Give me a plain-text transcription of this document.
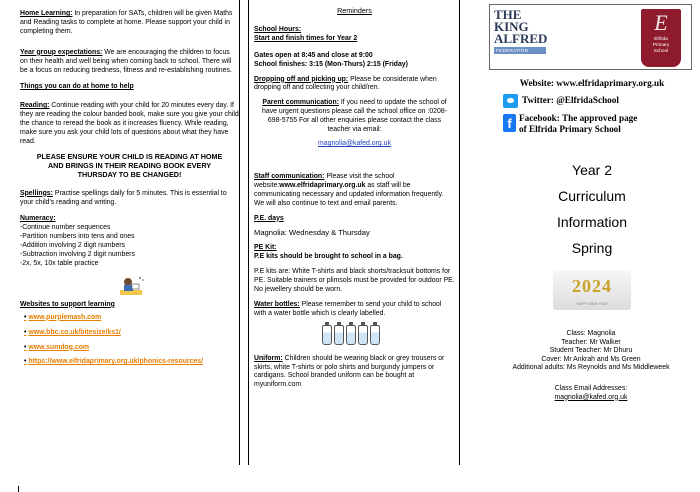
Home Learning: In preparation for SATs, children will be given Maths and Reading tasks to complete at home. Please support your child in completing them.
Year group expectations: We are encouraging the children to focus on their health and well being when coming back to school. There will be a focus on reducing tiredness, fitness and re-establishing routines.
Things you can do at home to help
Reading: Continue reading with your child for 20 minutes every day. If they are reading the colour banded book, make sure you give your child the chance to reread the book as it increases fluency. While reading, make sure you ask your child lots of questions about what they have read.
PLEASE ENSURE YOUR CHILD IS READING AT HOME AND BRINGS IN THEIR READING BOOK EVERY THURSDAY TO BE CHANGED!
Spellings: Practise spellings daily for 5 minutes. This is essential to your child's reading and writing.
Numeracy:
-Continue number sequences
-Partition numbers into tens and ones
-Addition involving 2 digit numbers
-Subtraction involving 2 digit numbers
-2x, 5x, 10x table practice
Websites to support learning
• www.purplemash.com
• www.bbc.co.uk/bitesize/ks1/
• www.sumdog.com
• https://www.elfridaprimary.org.uk/phonics-resources/
Reminders
School Hours:
Start and finish times for Year 2
Gates open at 8:45 and close at 9:00
School finishes: 3:15 (Mon-Thurs) 2:15 (Friday)
Dropping off and picking up: Please be considerate when dropping off and collecting your child/ren.
Parent communication: If you need to update the school of have urgent questions please call the school office on :0208-698-5755 For all other enquiries please contact the class teacher via email:
magnolia@kafed.org.uk
Staff communication: Please visit the school website:www.elfridaprimary.org.uk as staff will be communicating necessary and updated information frequently. We will also continue to text and email parents.
P.E. days
Magnolia: Wednesday & Thursday
PE Kit:
P.E kits should be brought to school in a bag.
P.E kits are: White T-shirts and black shorts/tracksuit bottoms for PE. Suitable trainers or plimsols must be provided for outdoor PE. No jewellery should be worn.
Water bottles: Please remember to send your child to school with a water bottle which is clearly labelled.
Uniform: Children should be wearing black or grey trousers or skirts, white T-shirts or polo shirts and burgundy jumpers or cardigans. School branded uniform can be bought at myuniform.com
THE
KING
ALFRED
FEDERATION
E
Elfrida
Primary
School
Website: www.elfridaprimary.org.uk
Twitter: @ElfridaSchool
f Facebook: The approved page
of Elfrida Primary School
Year 2
Curriculum
Information
Spring
2024
HAPPY NEW YEAR
Class: Magnolia
Teacher: Mr Walker
Student Teacher: Mr Dhuru
Cover: Mr Ankrah and Ms Green
Additional adults: Ms Reynolds and Ms Middleweek
Class Email Addresses:
magnolia@kafed.org.uk
